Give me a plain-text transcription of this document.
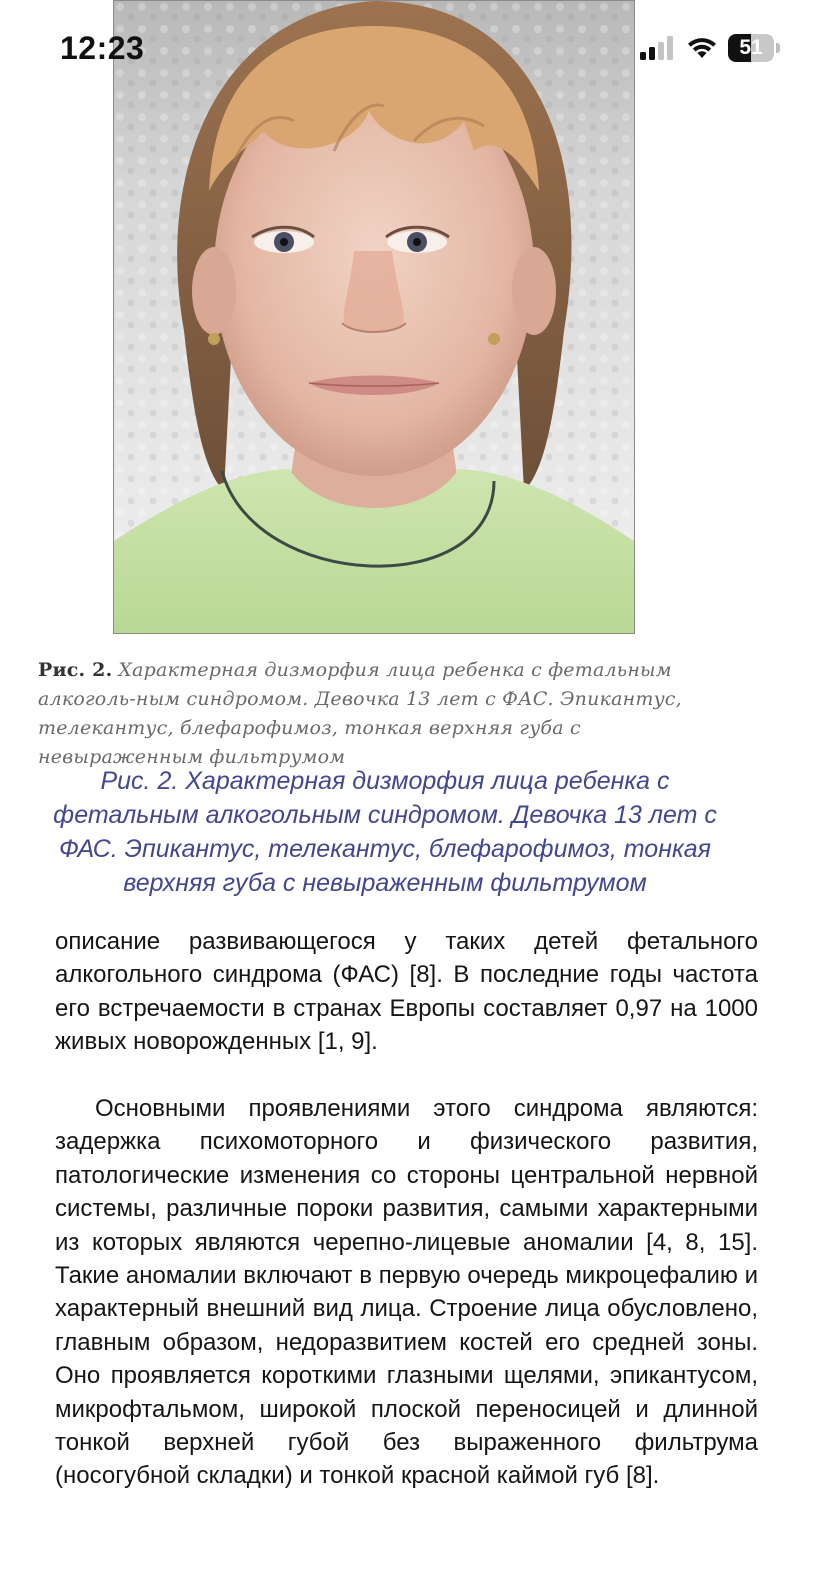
12:23	51
Рис. 2. Характерная дизморфия лица ребенка с фетальным алкоголь-ным синдромом. Девочка 13 лет с ФАС. Эпикантус, телекантус, блефарофимоз, тонкая верхняя губа с невыраженным фильтрумом
Рис. 2. Характерная дизморфия лица ребенка с фетальным алкогольным синдромом. Девочка 13 лет с ФАС. Эпикантус, телекантус, блефарофимоз, тонкая верхняя губа с невыраженным фильтрумом
описание развивающегося у таких детей фетального алкогольного синдрома (ФАС) [8]. В последние годы частота его встречаемости в странах Европы составляет 0,97 на 1000 живых новорожденных [1, 9].
Основными проявлениями этого синдрома являются: задержка психомоторного и физического развития, патологические изменения со стороны центральной нервной системы, различные пороки развития, самыми характерными из которых являются черепно-лицевые аномалии [4, 8, 15]. Такие аномалии включают в первую очередь микроцефалию и характерный внешний вид лица. Строение лица обусловлено, главным образом, недоразвитием костей его средней зоны. Оно проявляется короткими глазными щелями, эпикантусом, микрофтальмом, широкой плоской переносицей и длинной тонкой верхней губой без выраженного фильтрума (носогубной складки) и тонкой красной каймой губ [8].
